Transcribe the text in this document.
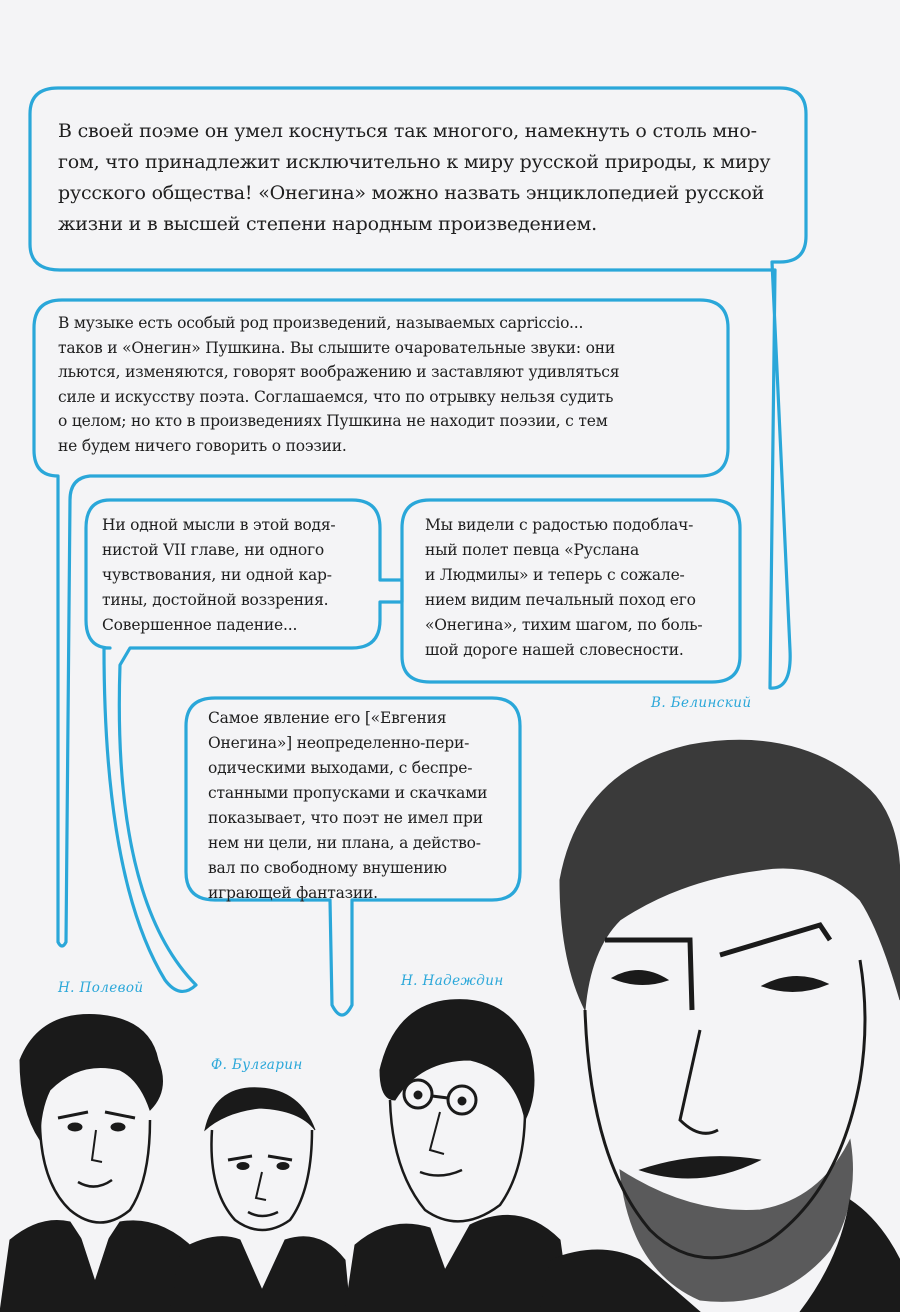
В своей поэме он умел коснуться так многого, намекнуть о столь мно-
гом, что принадлежит исключительно к миру русской природы, к миру
русского общества! «Онегина» можно назвать энциклопедией русской
жизни и в высшей степени народным произведением.
В музыке есть особый род произведений, называемых capriccio...
таков и «Онегин» Пушкина. Вы слышите очаровательные звуки: они
льются, изменяются, говорят воображению и заставляют удивляться
силе и искусству поэта. Соглашаемся, что по отрывку нельзя судить
о целом; но кто в произведениях Пушкина не находит поэзии, с тем
не будем ничего говорить о поэзии.
Ни одной мысли в этой водя-
нистой VII главе, ни одного
чувствования, ни одной кар-
тины, достойной воззрения.
Совершенное падение...
Мы видели с радостью подоблач-
ный полет певца «Руслана
и Людмилы» и теперь с сожале-
нием видим печальный поход его
«Онегина», тихим шагом, по боль-
шой дороге нашей словесности.
Самое явление его [«Евгения
Онегина»] неопределенно-пери-
одическими выходами, с беспре-
станными пропусками и скачками
показывает, что поэт не имел при
нем ни цели, ни плана, а действо-
вал по свободному внушению
играющей фантазии.
В. Белинский
Н. Полевой
Ф. Булгарин
Н. Надеждин
